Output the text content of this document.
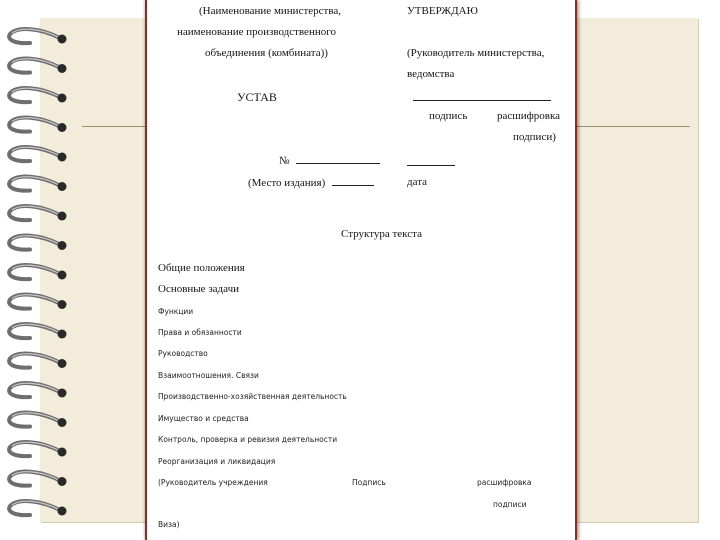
(Наименование министерства,
наименование производственного
объединения (комбината))
УТВЕРЖДАЮ
(Руководитель министерства,
ведомства
подпись	расшифровка
подписи)
УСТАВ
№
(Место издания)	дата
Структура текста
Общие положения
Основные задачи
Функции
Права и обязанности
Руководство
Взаимоотношения. Связи
Производственно-хозяйственная деятельность
Имущество и средства
Контроль, проверка и ревизия деятельности
Реорганизация и ликвидация
(Руководитель учреждения	Подпись	расшифровка
подписи
Виза)
